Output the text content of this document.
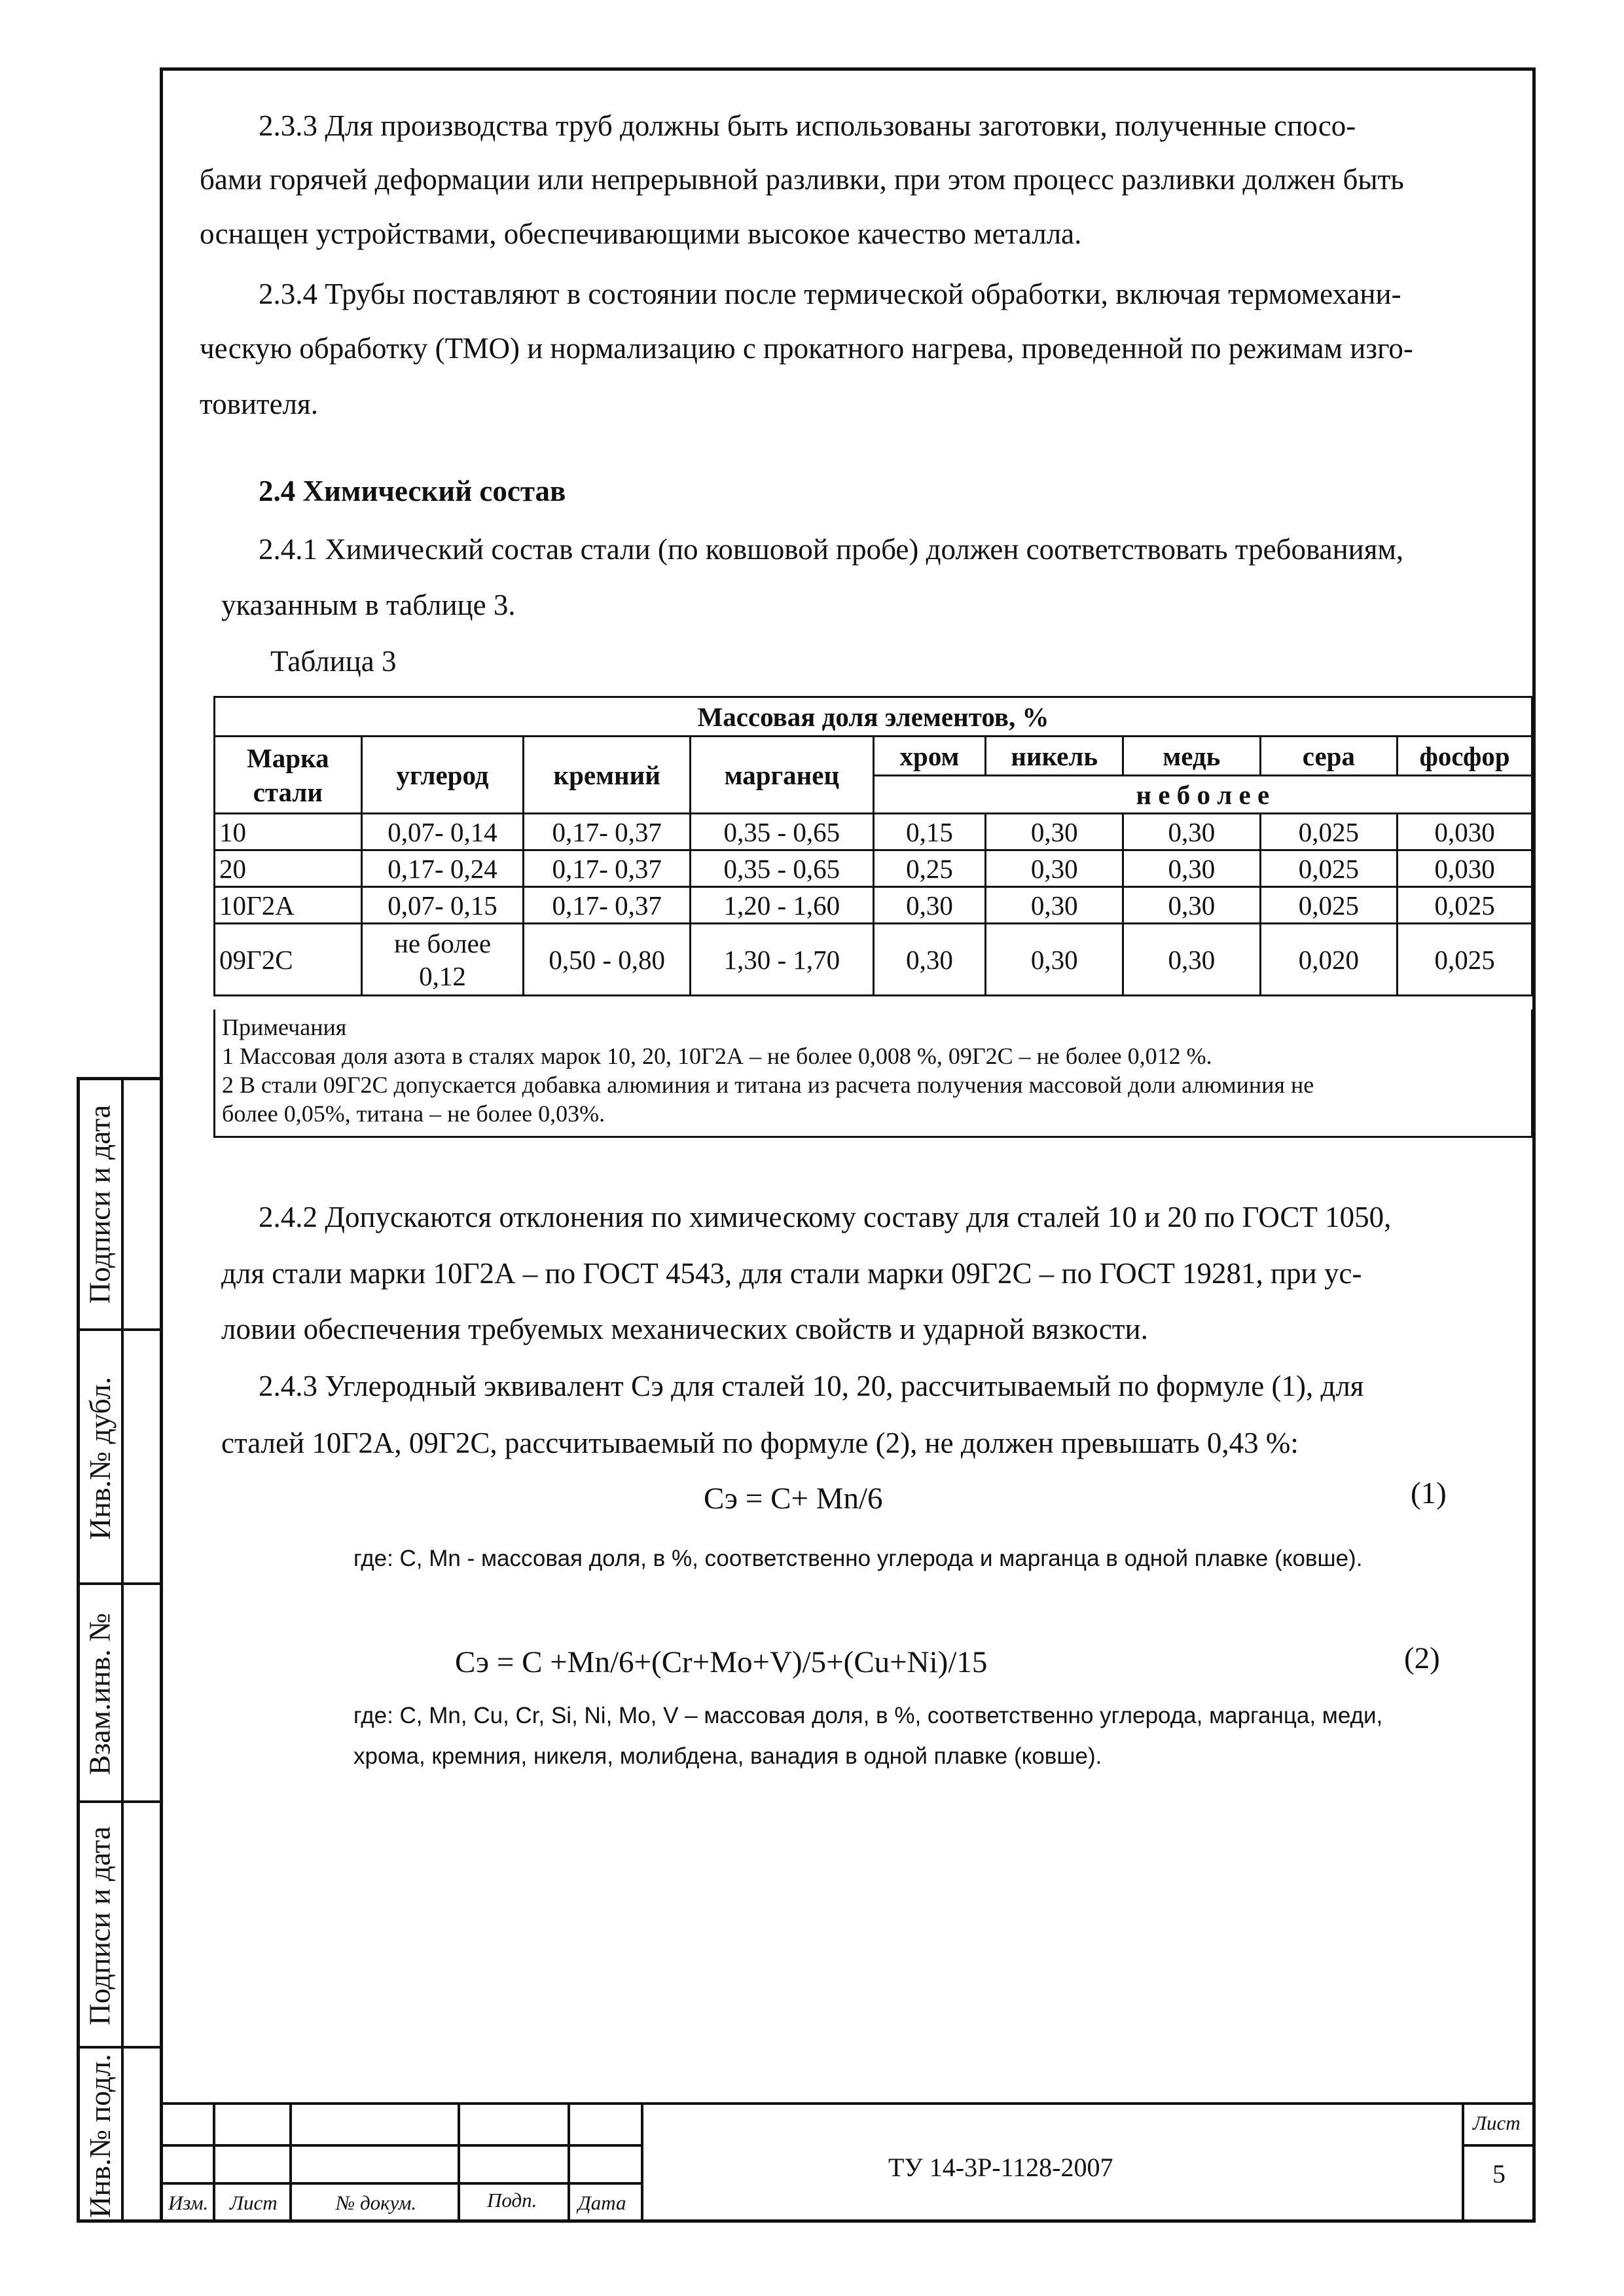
Подписи и дата
Инв.№ дубл.
Взам.инв. №
Подписи и дата
Инв.№ подл.
2.3.3 Для производства труб должны быть использованы заготовки, полученные спосо-
бами горячей деформации или непрерывной разливки, при этом процесс разливки должен быть
оснащен устройствами, обеспечивающими высокое качество металла.
2.3.4 Трубы поставляют в состоянии после термической обработки, включая термомехани-
ческую обработку (ТМО) и нормализацию с прокатного нагрева, проведенной по режимам изго-
товителя.
2.4 Химический состав
2.4.1 Химический состав стали (по ковшовой пробе) должен соответствовать требованиям,
указанным в таблице 3.
Таблица 3
Массовая доля элементов, %								
Марка стали	углерод	кремний	марганец	хром	никель	медь	сера	фосфор
				н е б о л е е				
10	0,07- 0,14	0,17- 0,37	0,35 - 0,65	0,15	0,30	0,30	0,025	0,030
20	0,17- 0,24	0,17- 0,37	0,35 - 0,65	0,25	0,30	0,30	0,025	0,030
10Г2А	0,07- 0,15	0,17- 0,37	1,20 - 1,60	0,30	0,30	0,30	0,025	0,025
09Г2С	не более 0,12	0,50 - 0,80	1,30 - 1,70	0,30	0,30	0,30	0,020	0,025
Примечания
1 Массовая доля азота в сталях марок 10, 20, 10Г2А – не более 0,008 %, 09Г2С – не более 0,012 %.
2 В стали 09Г2С допускается добавка алюминия и титана из расчета получения массовой доли алюминия не
более 0,05%, титана – не более 0,03%.
2.4.2 Допускаются отклонения по химическому составу для сталей 10 и 20 по ГОСТ 1050,
для стали марки 10Г2А – по ГОСТ 4543, для стали марки 09Г2С – по ГОСТ 19281, при ус-
ловии обеспечения требуемых механических свойств и ударной вязкости.
2.4.3 Углеродный эквивалент Сэ для сталей 10, 20, рассчитываемый по формуле (1), для
сталей 10Г2А, 09Г2С, рассчитываемый по формуле (2), не должен превышать 0,43 %:
Сэ = С+ Mn/6	(1)
где: С, Mn - массовая доля, в %, соответственно углерода и марганца в одной плавке (ковше).
Сэ = С +Mn/6+(Cr+Mo+V)/5+(Cu+Ni)/15	(2)
где: С, Mn, Cu, Cr, Si, Ni, Mo, V – массовая доля, в %, соответственно углерода, марганца, меди,
хрома, кремния, никеля, молибдена, ванадия в одной плавке (ковше).
Изм. Лист	№ докум.	Подп. Дата
Лист
ТУ 14-3Р-1128-2007	5
